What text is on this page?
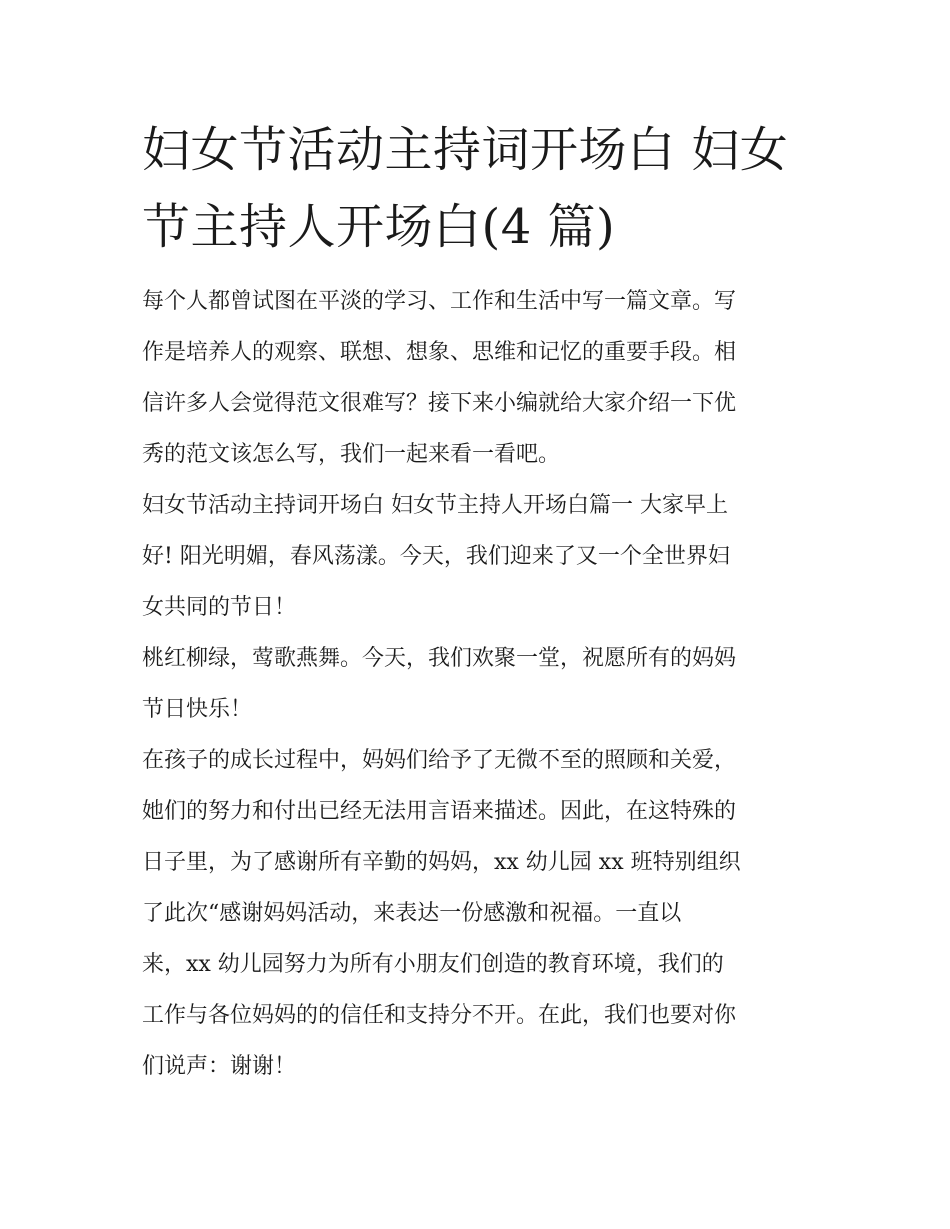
妇女节活动主持词开场白 妇女
节主持人开场白(4 篇)

每个人都曾试图在平淡的学习、工作和生活中写一篇文章。写
作是培养人的观察、联想、想象、思维和记忆的重要手段。相
信许多人会觉得范文很难写？接下来小编就给大家介绍一下优
秀的范文该怎么写，我们一起来看一看吧。

妇女节活动主持词开场白 妇女节主持人开场白篇一 大家早上
好! 阳光明媚，春风荡漾。今天，我们迎来了又一个全世界妇
女共同的节日！

桃红柳绿，莺歌燕舞。今天，我们欢聚一堂，祝愿所有的妈妈
节日快乐！

在孩子的成长过程中，妈妈们给予了无微不至的照顾和关爱，
她们的努力和付出已经无法用言语来描述。因此，在这特殊的
日子里，为了感谢所有辛勤的妈妈，xx 幼儿园 xx 班特别组织
了此次“感谢妈妈活动，来表达一份感激和祝福。一直以
来，xx 幼儿园努力为所有小朋友们创造的教育环境，我们的
工作与各位妈妈的的信任和支持分不开。在此，我们也要对你
们说声：谢谢！
